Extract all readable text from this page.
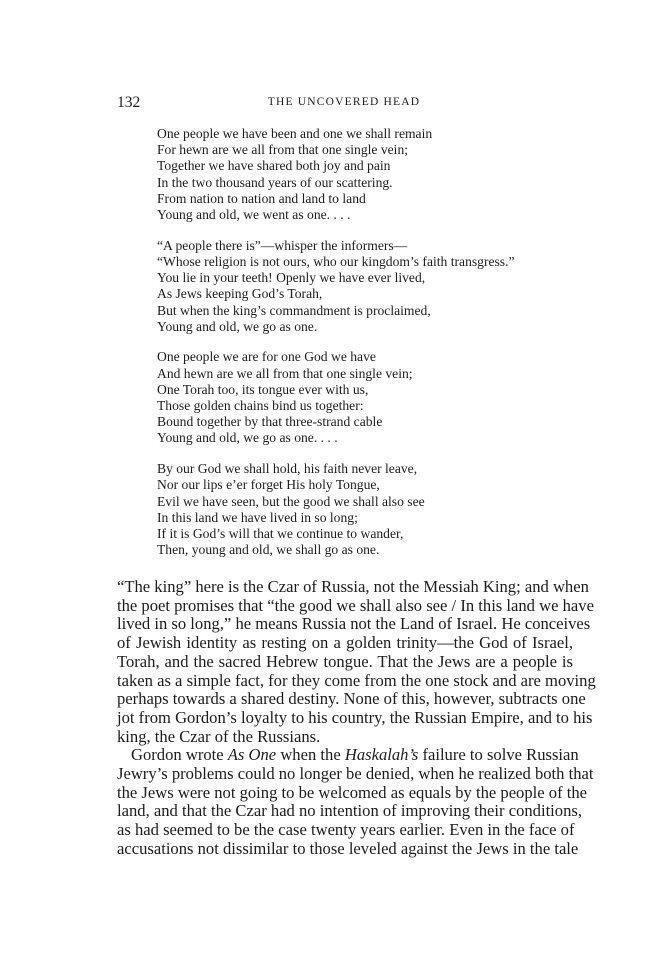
132	THE UNCOVERED HEAD
One people we have been and one we shall remain
For hewn are we all from that one single vein;
Together we have shared both joy and pain
In the two thousand years of our scattering.
From nation to nation and land to land
Young and old, we went as one. . . .
“A people there is”—whisper the informers—
“Whose religion is not ours, who our kingdom’s faith transgress.”
You lie in your teeth! Openly we have ever lived,
As Jews keeping God’s Torah,
But when the king’s commandment is proclaimed,
Young and old, we go as one.
One people we are for one God we have
And hewn are we all from that one single vein;
One Torah too, its tongue ever with us,
Those golden chains bind us together:
Bound together by that three-strand cable
Young and old, we go as one. . . .
By our God we shall hold, his faith never leave,
Nor our lips e’er forget His holy Tongue,
Evil we have seen, but the good we shall also see
In this land we have lived in so long;
If it is God’s will that we continue to wander,
Then, young and old, we shall go as one.

“The king” here is the Czar of Russia, not the Messiah King; and when
the poet promises that “the good we shall also see / In this land we have
lived in so long,” he means Russia not the Land of Israel. He conceives
of Jewish identity as resting on a golden trinity—the God of Israel,
Torah, and the sacred Hebrew tongue. That the Jews are a people is
taken as a simple fact, for they come from the one stock and are moving
perhaps towards a shared destiny. None of this, however, subtracts one
jot from Gordon’s loyalty to his country, the Russian Empire, and to his
king, the Czar of the Russians.

Gordon wrote As One when the Haskalah’s failure to solve Russian
Jewry’s problems could no longer be denied, when he realized both that
the Jews were not going to be welcomed as equals by the people of the
land, and that the Czar had no intention of improving their conditions,
as had seemed to be the case twenty years earlier. Even in the face of
accusations not dissimilar to those leveled against the Jews in the tale
